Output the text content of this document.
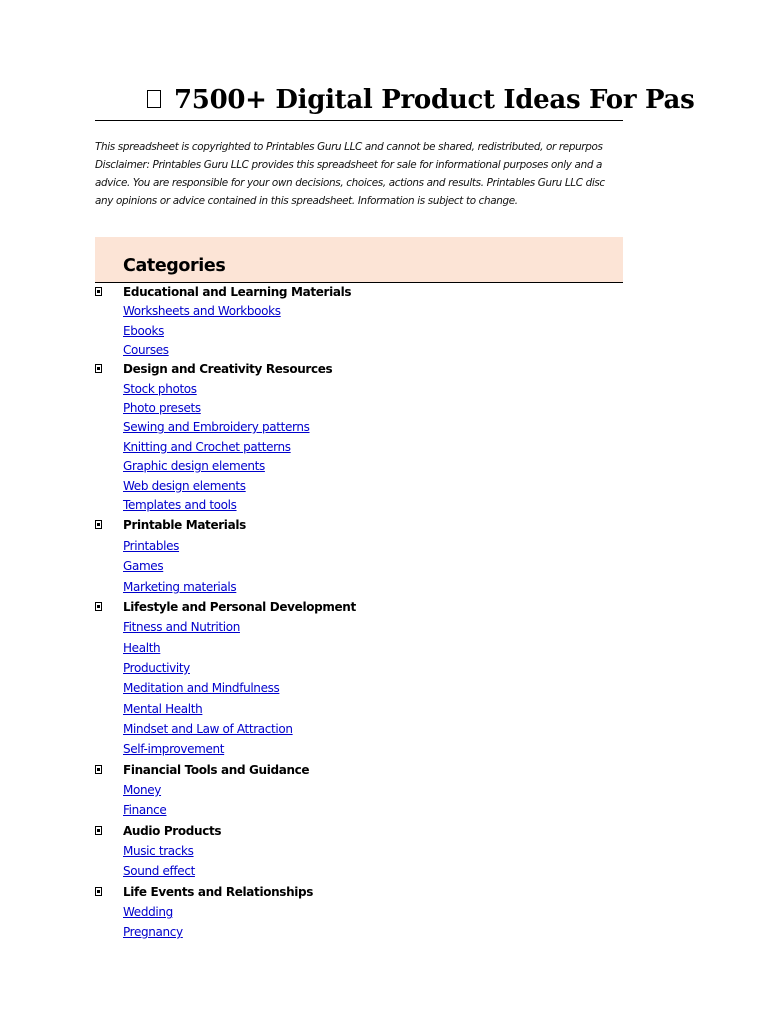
7500+ Digital Product Ideas For Pas
This spreadsheet is copyrighted to Printables Guru LLC and cannot be shared, redistributed, or repurpos
Disclaimer: Printables Guru LLC provides this spreadsheet for sale for informational purposes only and a
advice. You are responsible for your own decisions, choices, actions and results. Printables Guru LLC disc
any opinions or advice contained in this spreadsheet. Information is subject to change.
Categories
Educational and Learning Materials
Worksheets and Workbooks
Ebooks
Courses
Design and Creativity Resources
Stock photos
Photo presets
Sewing and Embroidery patterns
Knitting and Crochet patterns
Graphic design elements
Web design elements
Templates and tools
Printable Materials
Printables
Games
Marketing materials
Lifestyle and Personal Development
Fitness and Nutrition
Health
Productivity
Meditation and Mindfulness
Mental Health
Mindset and Law of Attraction
Self-improvement
Financial Tools and Guidance
Money
Finance
Audio Products
Music tracks
Sound effect
Life Events and Relationships
Wedding
Pregnancy
